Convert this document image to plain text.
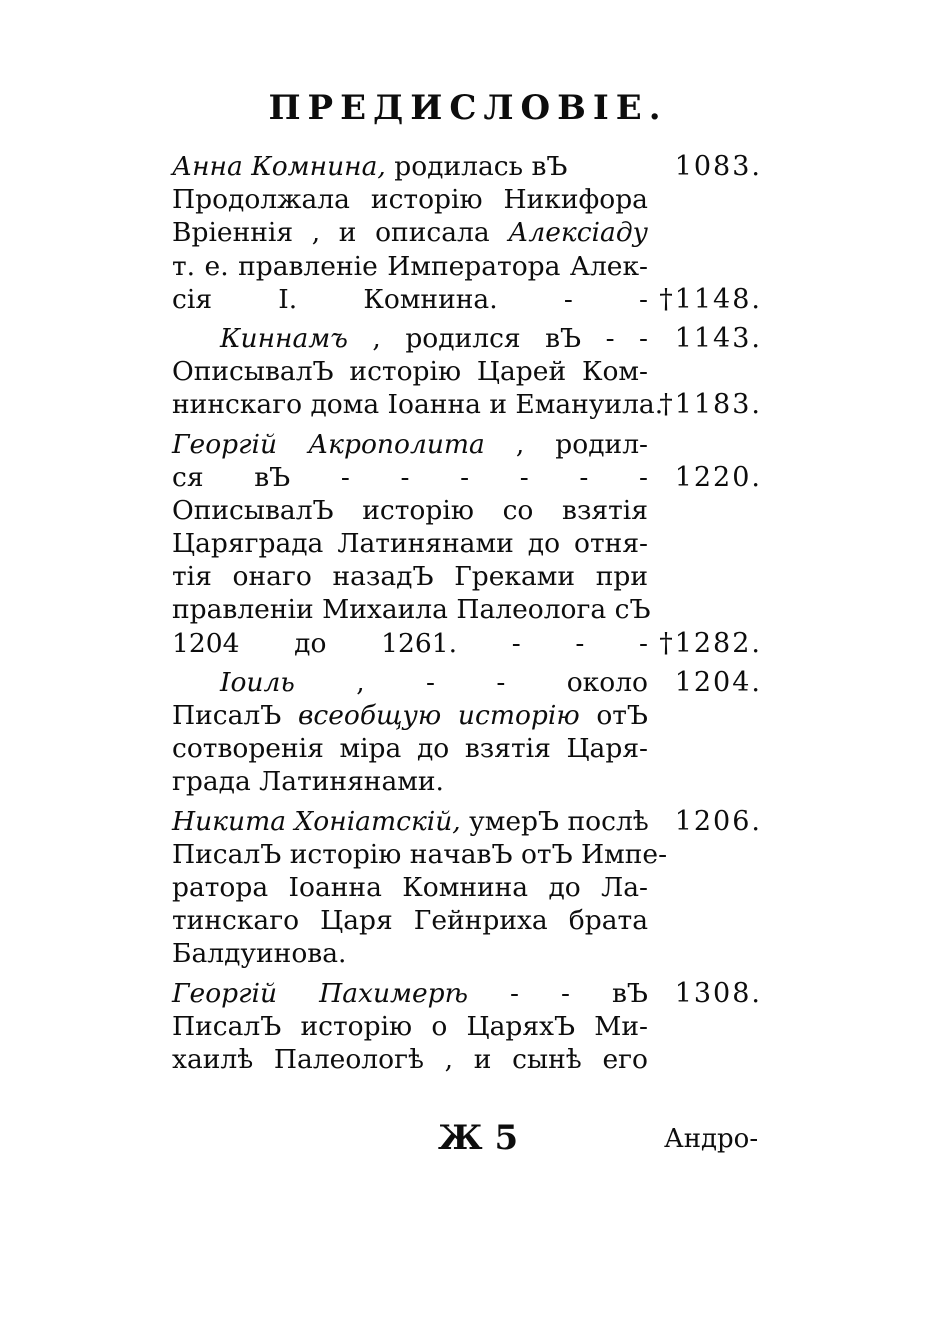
ПРЕДИСЛОВІЕ.
Анна Комнина, родилась вЪ	1083.
Продолжала исторію Никифора
Вріеннія , и описала Алексіаду
т. е. правленіе Императора Алек-
сія I. Комнина. - - †1148.
Киннамъ , родился вЪ - - 1143.
ОписывалЪ исторію Царей Ком-
нинскаго дома Іоанна и Емануила.
†1183.
Георгій Акрополита , родил-
ся вЪ - - - - - - 1220.
ОписывалЪ исторію со взятія
Царяграда Латинянами до отня-
тія онаго назадЪ Греками при
правленіи Михаила Палеолога сЪ
1204 до 1261. - - - †1282.
Іоиль , - - около 1204.
ПисалЪ всеобщую исторію отЪ
сотворенія міра до взятія Царя-
града Латинянами.
Никита Хоніатскій, умерЪ послѣ 1206.
ПисалЪ исторію начавЪ отЪ Импе-
ратора Іоанна Комнина до Ла-
тинскаго Царя Гейнриха брата
Балдуинова.
Георгій Пахимерѣ - - вЪ 1308.
ПисалЪ исторію о ЦаряхЪ Ми-
хаилѣ Палеологѣ , и сынѣ его
Ж 5	Андро-
